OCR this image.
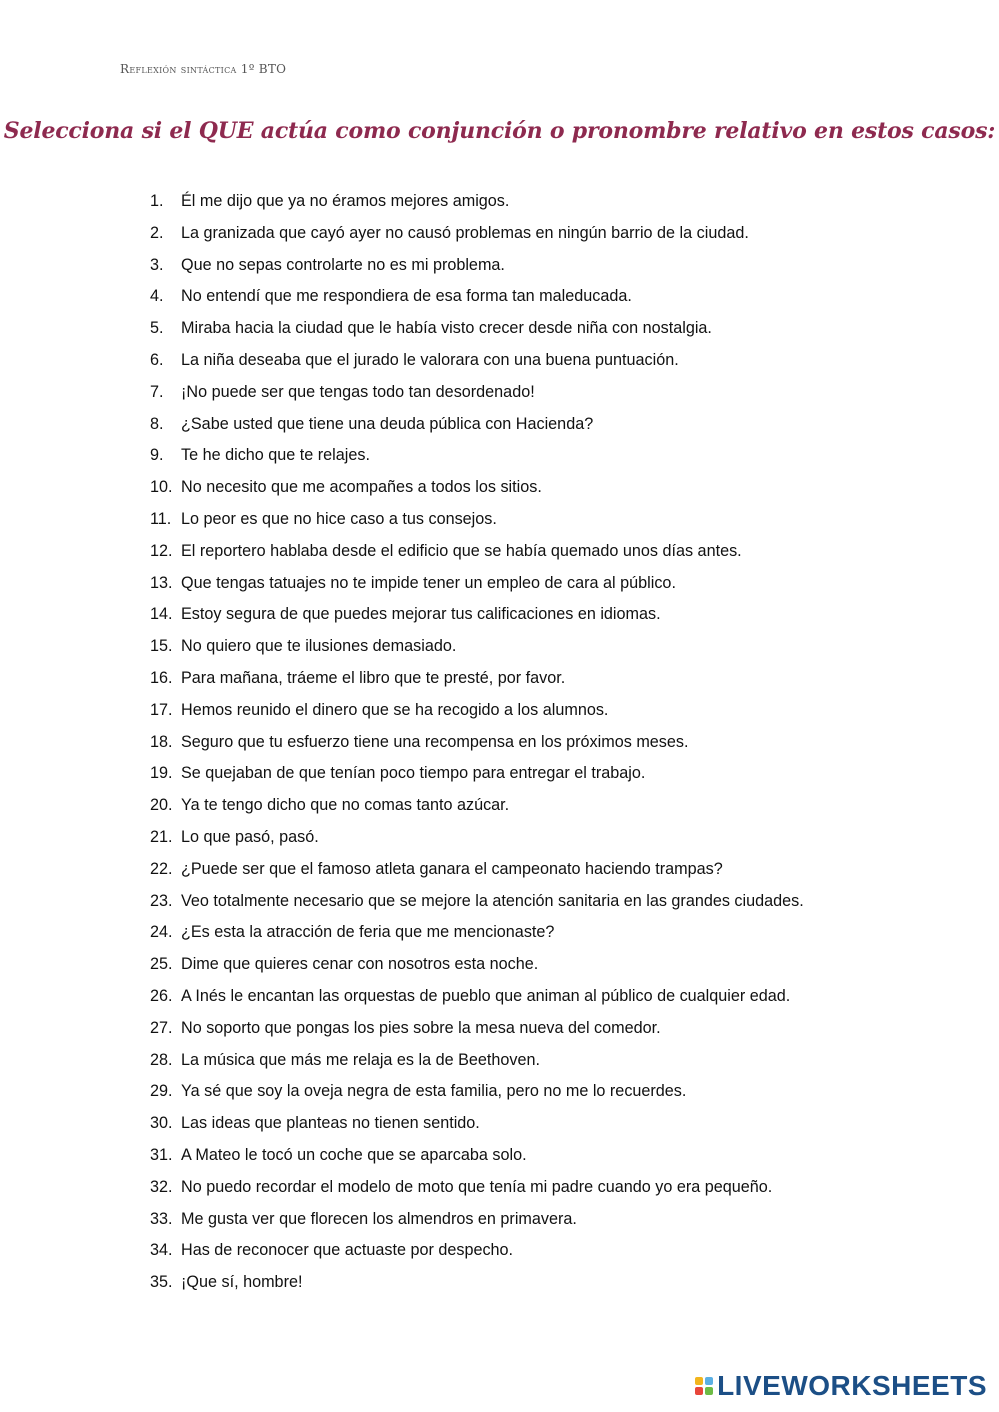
Reflexión sintáctica 1º BTO
Selecciona si el QUE actúa como conjunción o pronombre relativo en estos casos:
1.	Él me dijo que ya no éramos mejores amigos.
2.	La granizada que cayó ayer no causó problemas en ningún barrio de la ciudad.
3.	Que no sepas controlarte no es mi problema.
4.	No entendí que me respondiera de esa forma tan maleducada.
5.	Miraba hacia la ciudad que le había visto crecer desde niña con nostalgia.
6.	La niña deseaba que el jurado le valorara con una buena puntuación.
7.	¡No puede ser que tengas todo tan desordenado!
8.	¿Sabe usted que tiene una deuda pública con Hacienda?
9.	Te he dicho que te relajes.
10. No necesito que me acompañes a todos los sitios.
11. Lo peor es que no hice caso a tus consejos.
12. El reportero hablaba desde el edificio que se había quemado unos días antes.
13. Que tengas tatuajes no te impide tener un empleo de cara al público.
14. Estoy segura de que puedes mejorar tus calificaciones en idiomas.
15. No quiero que te ilusiones demasiado.
16. Para mañana, tráeme el libro que te presté, por favor.
17. Hemos reunido el dinero que se ha recogido a los alumnos.
18. Seguro que tu esfuerzo tiene una recompensa en los próximos meses.
19. Se quejaban de que tenían poco tiempo para entregar el trabajo.
20. Ya te tengo dicho que no comas tanto azúcar.
21. Lo que pasó, pasó.
22. ¿Puede ser que el famoso atleta ganara el campeonato haciendo trampas?
23. Veo totalmente necesario que se mejore la atención sanitaria en las grandes ciudades.
24. ¿Es esta la atracción de feria que me mencionaste?
25. Dime que quieres cenar con nosotros esta noche.
26. A Inés le encantan las orquestas de pueblo que animan al público de cualquier edad.
27. No soporto que pongas los pies sobre la mesa nueva del comedor.
28. La música que más me relaja es la de Beethoven.
29. Ya sé que soy la oveja negra de esta familia, pero no me lo recuerdes.
30. Las ideas que planteas no tienen sentido.
31. A Mateo le tocó un coche que se aparcaba solo.
32. No puedo recordar el modelo de moto que tenía mi padre cuando yo era pequeño.
33. Me gusta ver que florecen los almendros en primavera.
34. Has de reconocer que actuaste por despecho.
35. ¡Que sí, hombre!
LIVEWORKSHEETS
